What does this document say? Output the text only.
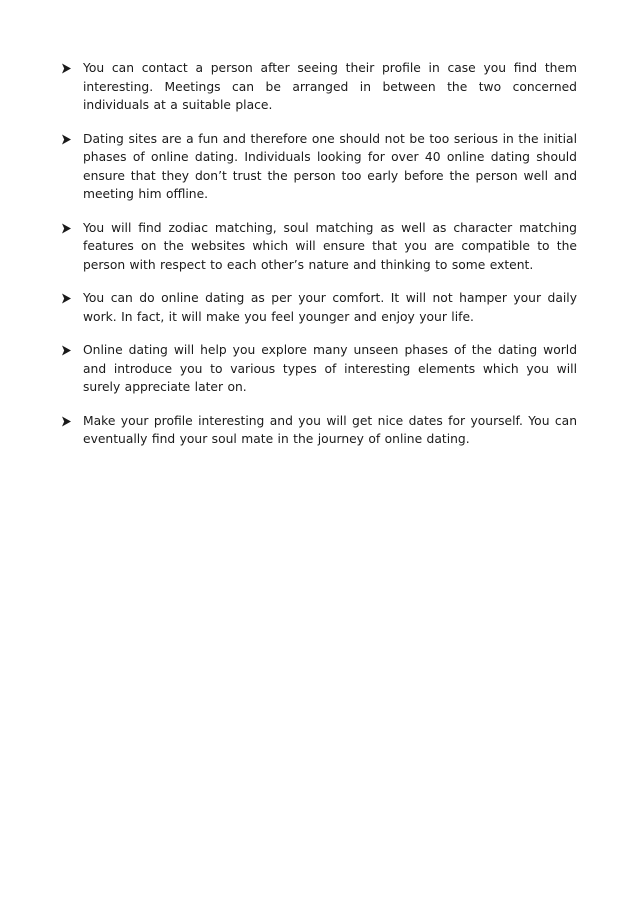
You can contact a person after seeing their profile in case you find them interesting. Meetings can be arranged in between the two concerned individuals at a suitable place.
Dating sites are a fun and therefore one should not be too serious in the initial phases of online dating. Individuals looking for over 40 online dating should ensure that they don’t trust the person too early before the person well and meeting him offline.
You will find zodiac matching, soul matching as well as character matching features on the websites which will ensure that you are compatible to the person with respect to each other’s nature and thinking to some extent.
You can do online dating as per your comfort. It will not hamper your daily work. In fact, it will make you feel younger and enjoy your life.
Online dating will help you explore many unseen phases of the dating world and introduce you to various types of interesting elements which you will surely appreciate later on.
Make your profile interesting and you will get nice dates for yourself. You can eventually find your soul mate in the journey of online dating.
